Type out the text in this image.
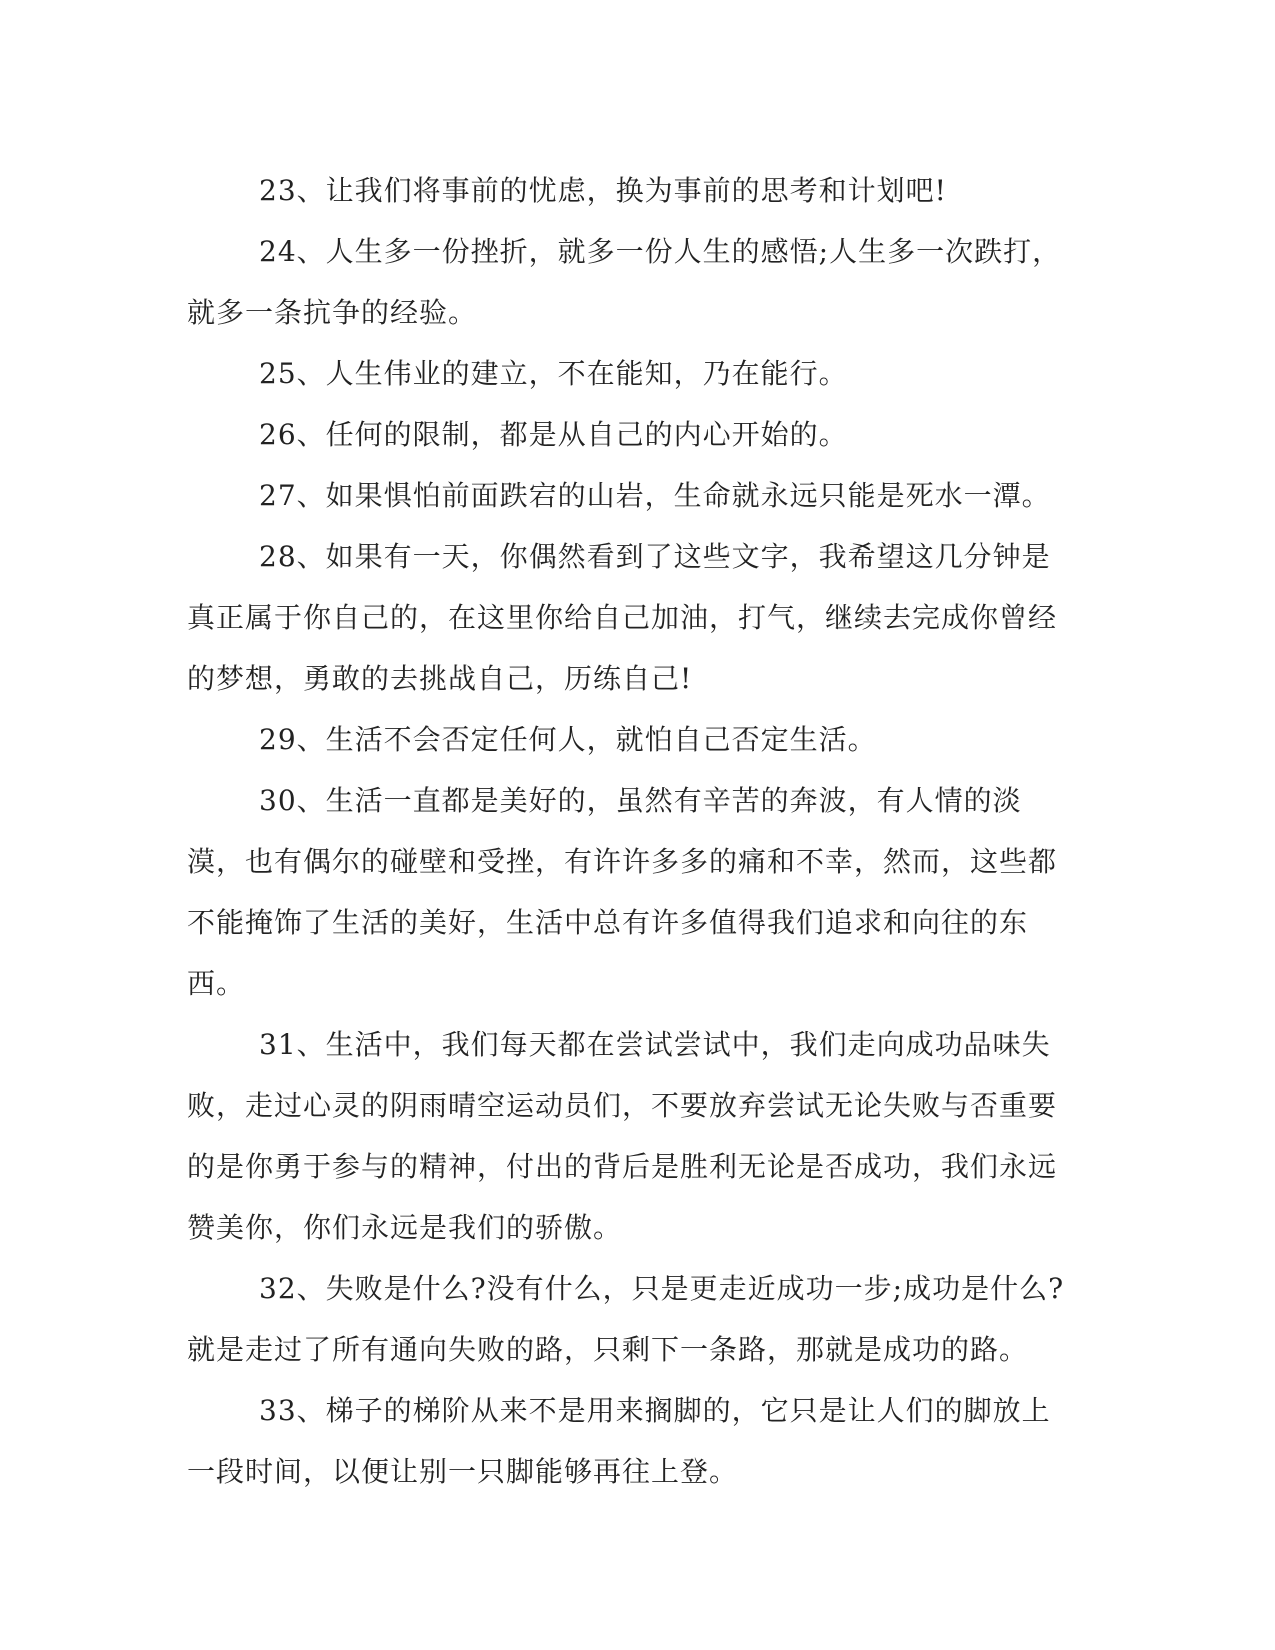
23、让我们将事前的忧虑，换为事前的思考和计划吧!

24、人生多一份挫折，就多一份人生的感悟;人生多一次跌打，就多一条抗争的经验。

25、人生伟业的建立，不在能知，乃在能行。

26、任何的限制，都是从自己的内心开始的。

27、如果惧怕前面跌宕的山岩，生命就永远只能是死水一潭。

28、如果有一天，你偶然看到了这些文字，我希望这几分钟是真正属于你自己的，在这里你给自己加油，打气，继续去完成你曾经的梦想，勇敢的去挑战自己，历练自己!

29、生活不会否定任何人，就怕自己否定生活。

30、生活一直都是美好的，虽然有辛苦的奔波，有人情的淡漠，也有偶尔的碰壁和受挫，有许许多多的痛和不幸，然而，这些都不能掩饰了生活的美好，生活中总有许多值得我们追求和向往的东西。

31、生活中，我们每天都在尝试尝试中，我们走向成功品味失败，走过心灵的阴雨晴空运动员们，不要放弃尝试无论失败与否重要的是你勇于参与的精神，付出的背后是胜利无论是否成功，我们永远赞美你，你们永远是我们的骄傲。

32、失败是什么?没有什么，只是更走近成功一步;成功是什么?就是走过了所有通向失败的路，只剩下一条路，那就是成功的路。

33、梯子的梯阶从来不是用来搁脚的，它只是让人们的脚放上一段时间，以便让别一只脚能够再往上登。
